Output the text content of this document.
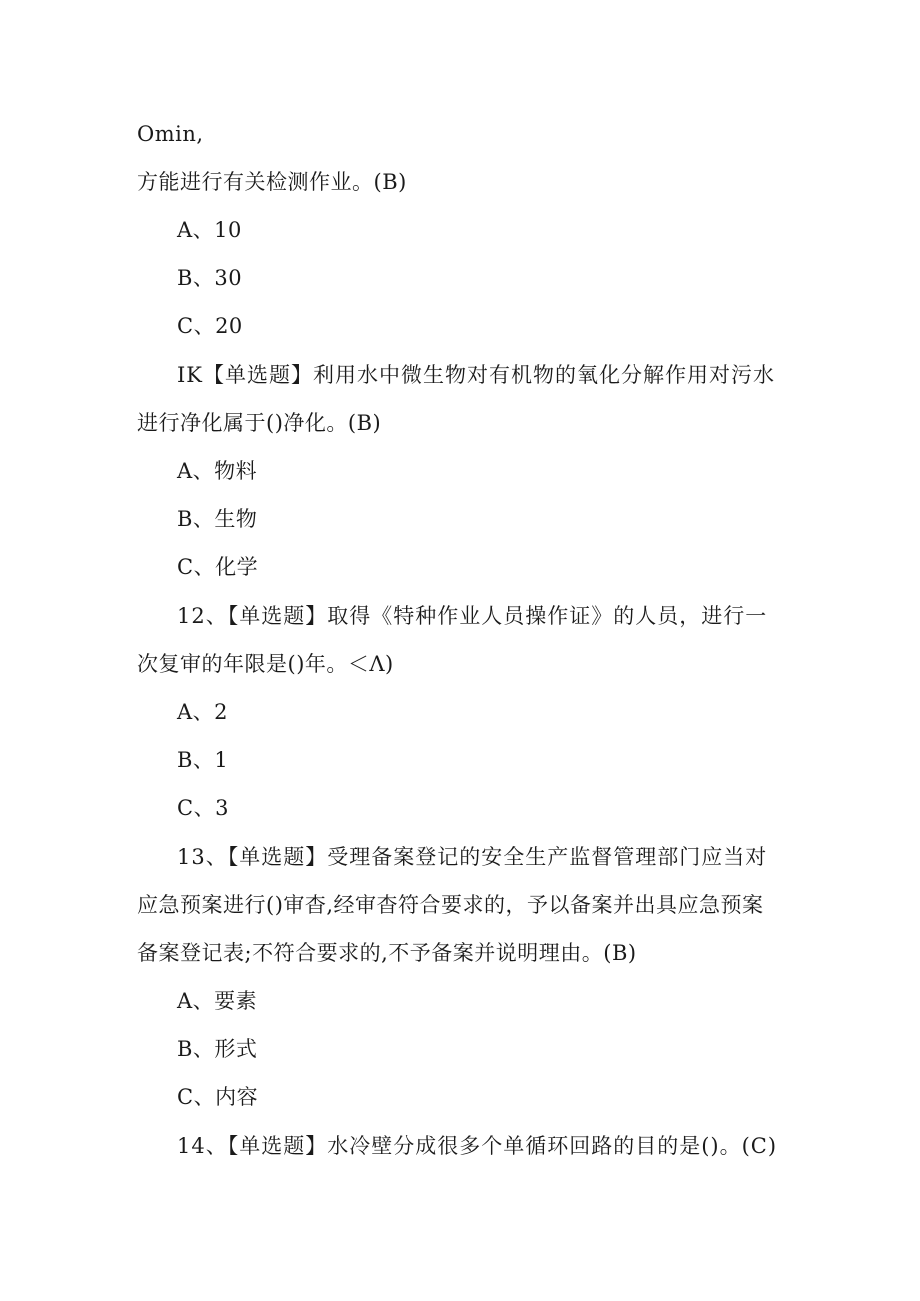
Omin,
方能进行有关检测作业。(B)
A、10
B、30
C、20
IK【单选题】利用水中微生物对有机物的氧化分解作用对污水
进行净化属于()净化。(B)
A、物料
B、生物
C、化学
12、【单选题】取得《特种作业人员操作证》的人员，进行一
次复审的年限是()年。＜Λ)
A、2
B、1
C、3
13、【单选题】受理备案登记的安全生产监督管理部门应当对
应急预案进行()审杳,经审杳符合要求的，予以备案并出具应急预案
备案登记表;不符合要求的,不予备案并说明理由。(B)
A、要素
B、形式
C、内容
14、【单选题】水冷壁分成很多个单循环回路的目的是()。(C)
